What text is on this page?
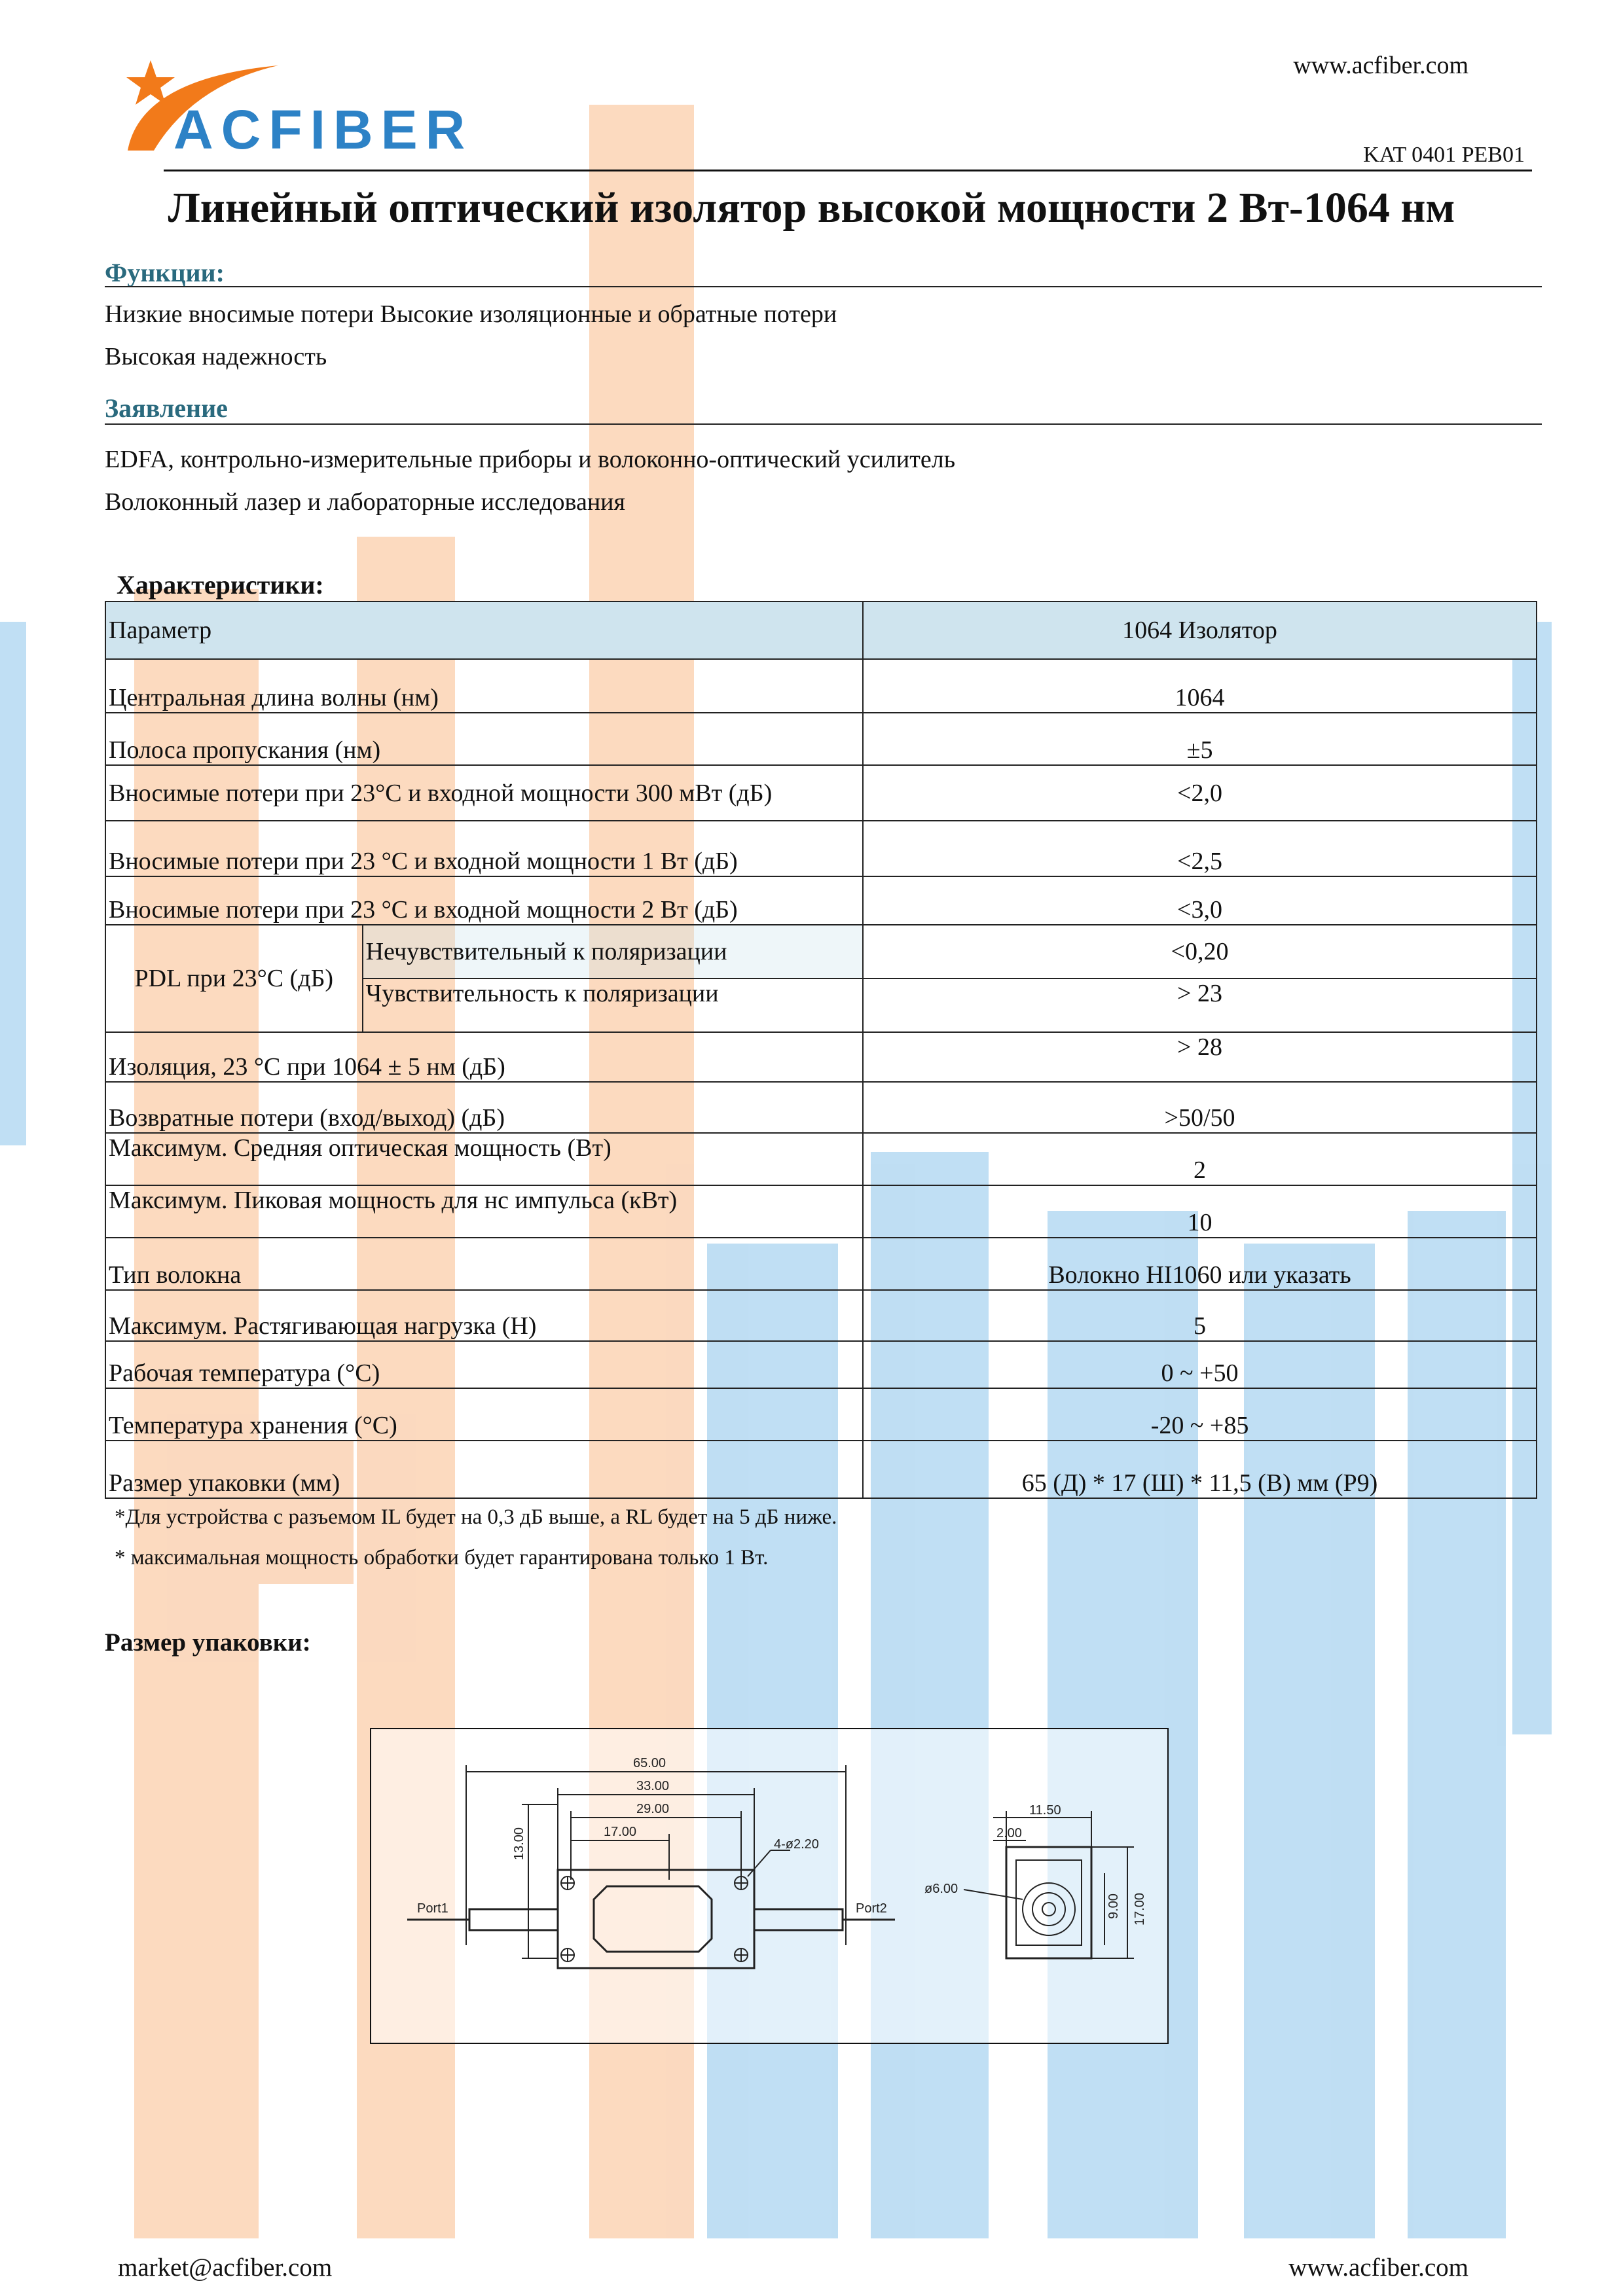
ACFIBER
www.acfiber.com
KAT 0401 PEB01
Линейный оптический изолятор высокой мощности 2 Вт-1064 нм
Функции:
Низкие вносимые потери Высокие изоляционные и обратные потери
Высокая надежность
Заявление
EDFA, контрольно-измерительные приборы и волоконно-оптический усилитель
Волоконный лазер и лабораторные исследования
Характеристики:
Параметр		1064 Изолятор
Центральная длина волны (нм)		1064
Полоса пропускания (нм)		±5
Вносимые потери при 23°C и входной мощности 300 мВт (дБ)		<2,0
Вносимые потери при 23 °C и входной мощности 1 Вт (дБ)		<2,5
Вносимые потери при 23 °C и входной мощности 2 Вт (дБ)		<3,0
PDL при 23°C (дБ)	Нечувствительный к поляризации	<0,20
	Чувствительность к поляризации	> 23
Изоляция, 23 °C при 1064 ± 5 нм (дБ)		> 28
Возвратные потери (вход/выход) (дБ)		>50/50
Максимум. Средняя оптическая мощность (Вт)		2
Максимум. Пиковая мощность для нс импульса (кВт)		10
Тип волокна		Волокно HI1060 или указать
Максимум. Растягивающая нагрузка (Н)		5
Рабочая температура (°C)		0 ~ +50
Температура хранения (°C)		-20 ~ +85
Размер упаковки (мм)		65 (Д) * 17 (Ш) * 11,5 (В) мм (P9)
*Для устройства с разъемом IL будет на 0,3 дБ выше, а RL будет на 5 дБ ниже.
* максимальная мощность обработки будет гарантирована только 1 Вт.
Размер упаковки:
65.00
33.00
29.00
17.00
4-ø2.20
Port1	Port2
11.50
2.00
ø6.00
13.00
9.00 17.00
market@acfiber.com	www.acfiber.com
